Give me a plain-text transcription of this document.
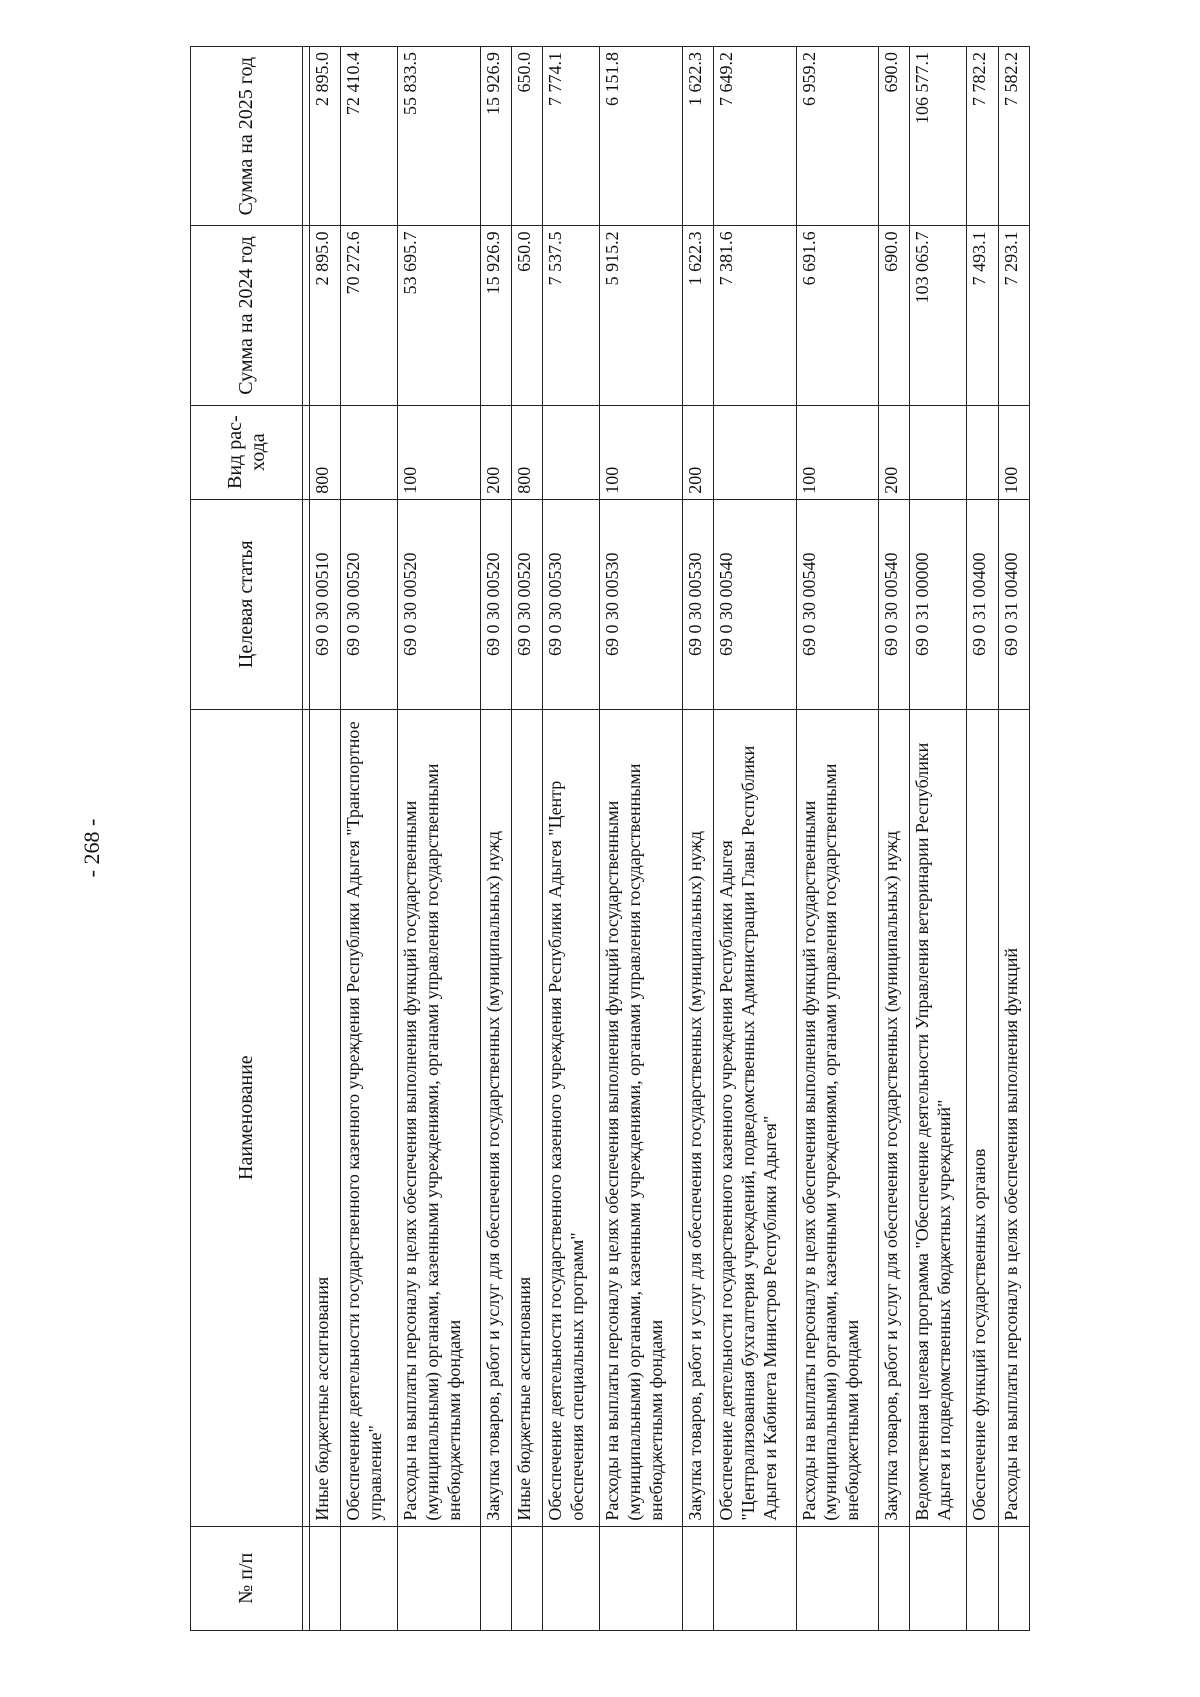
- 268 -
№ п/п	Наименование	Целевая статья	Вид рас-хода	Сумма на 2024 год	Сумма на 2025 год

	Иные бюджетные ассигнования	69 0 30 00510	800	2 895.0	2 895.0
	Обеспечение деятельности государственного казенного учреждения Республики Адыгея "Транспортное управление"	69 0 30 00520		70 272.6	72 410.4
	Расходы на выплаты персоналу в целях обеспечения выполнения функций государственными (муниципальными) органами, казенными учреждениями, органами управления государственными внебюджетными фондами	69 0 30 00520	100	53 695.7	55 833.5
	Закупка товаров, работ и услуг для обеспечения государственных (муниципальных) нужд	69 0 30 00520	200	15 926.9	15 926.9
	Иные бюджетные ассигнования	69 0 30 00520	800	650.0	650.0
	Обеспечение деятельности государственного казенного учреждения Республики Адыгея "Центр обеспечения специальных программ"	69 0 30 00530		7 537.5	7 774.1
	Расходы на выплаты персоналу в целях обеспечения выполнения функций государственными (муниципальными) органами, казенными учреждениями, органами управления государственными внебюджетными фондами	69 0 30 00530	100	5 915.2	6 151.8
	Закупка товаров, работ и услуг для обеспечения государственных (муниципальных) нужд	69 0 30 00530	200	1 622.3	1 622.3
	Обеспечение деятельности государственного казенного учреждения Республики Адыгея "Централизованная бухгалтерия учреждений, подведомственных Администрации Главы Республики Адыгея и Кабинета Министров Республики Адыгея"	69 0 30 00540		7 381.6	7 649.2
	Расходы на выплаты персоналу в целях обеспечения выполнения функций государственными (муниципальными) органами, казенными учреждениями, органами управления государственными внебюджетными фондами	69 0 30 00540	100	6 691.6	6 959.2
	Закупка товаров, работ и услуг для обеспечения государственных (муниципальных) нужд	69 0 30 00540	200	690.0	690.0
	Ведомственная целевая программа "Обеспечение деятельности Управления ветеринарии Республики Адыгея и подведомственных бюджетных учреждений"	69 0 31 00000		103 065.7	106 577.1
	Обеспечение функций государственных органов	69 0 31 00400		7 493.1	7 782.2
	Расходы на выплаты персоналу в целях обеспечения выполнения функций	69 0 31 00400	100	7 293.1	7 582.2
